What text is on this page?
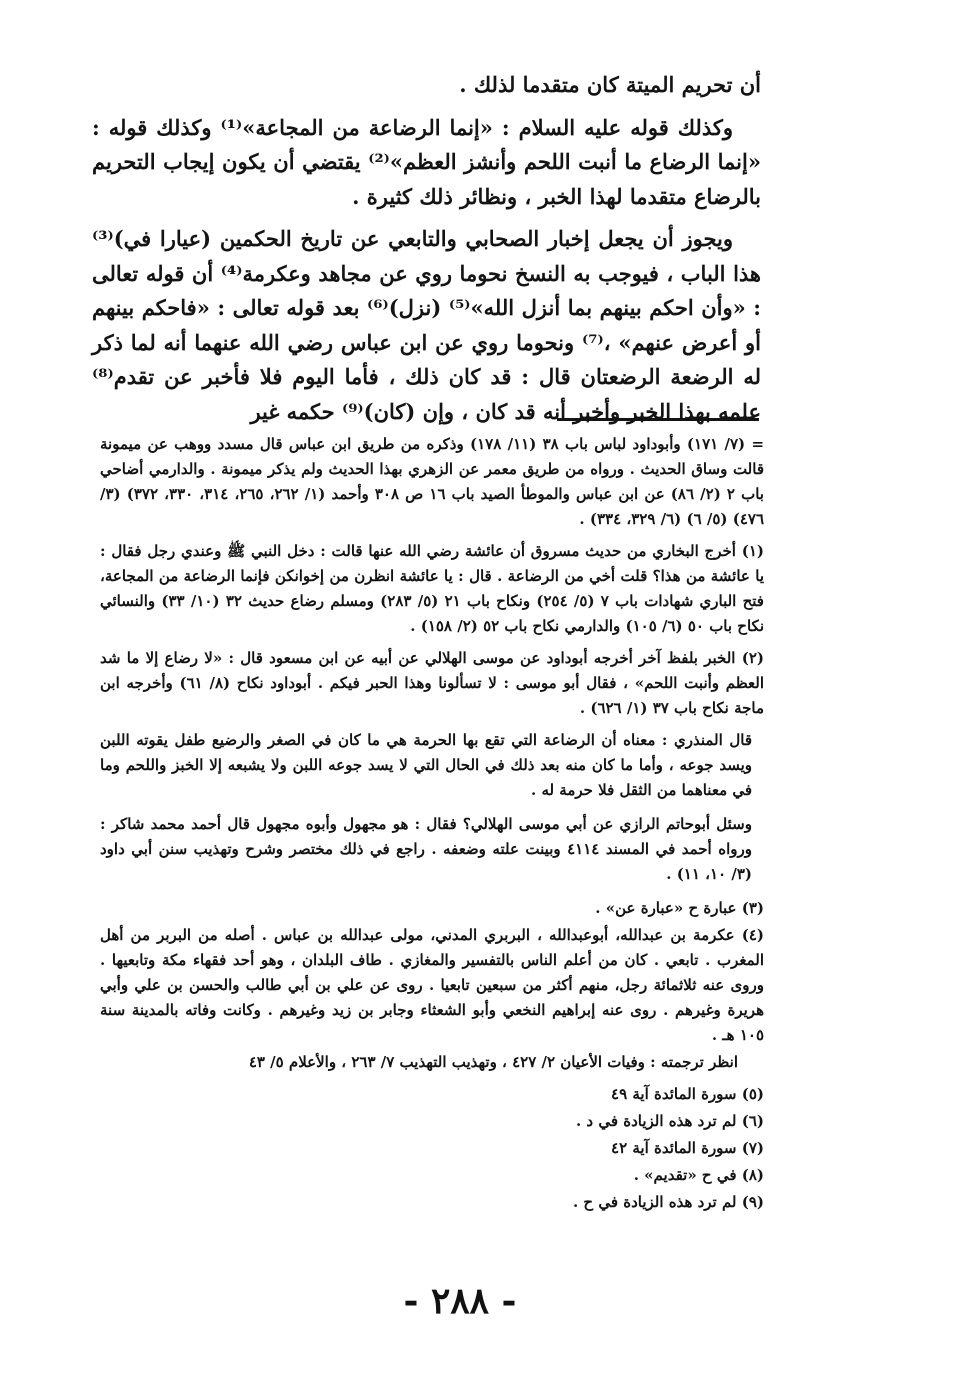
أن تحريم الميتة كان متقدما لذلك .

وكذلك قوله عليه السلام : «إنما الرضاعة من المجاعة»⁽¹⁾ وكذلك قوله : «إنما الرضاع ما أنبت اللحم وأنشز العظم»⁽²⁾ يقتضي أن يكون إيجاب التحريم بالرضاع متقدما لهذا الخبر ، ونظائر ذلك كثيرة .

ويجوز أن يجعل إخبار الصحابي والتابعي عن تاريخ الحكمين (عيارا في)⁽³⁾ هذا الباب ، فيوجب به النسخ نحوما روي عن مجاهد وعكرمة⁽⁴⁾ أن قوله تعالى : «وأن احكم بينهم بما أنزل الله»⁽⁵⁾ (نزل)⁽⁶⁾ بعد قوله تعالى : «فاحكم بينهم أو أعرض عنهم» ،⁽⁷⁾ ونحوما روي عن ابن عباس رضي الله عنهما أنه لما ذكر له الرضعة الرضعتان قال : قد كان ذلك ، فأما اليوم فلا فأخبر عن تقدم⁽⁸⁾ علمه بهذا الخبر وأخبر أنه قد كان ، وإن (كان)⁽⁹⁾ حكمه غير

= (٧/ ١٧١) وأبوداود لباس باب ٣٨ (١١/ ١٧٨) وذكره من طريق ابن عباس قال مسدد ووهب عن ميمونة قالت وساق الحديث . ورواه من طريق معمر عن الزهري بهذا الحديث ولم يذكر ميمونة . والدارمي أضاحي باب ٢ (٢/ ٨٦) عن ابن عباس والموطأ الصيد باب ١٦ ص ٣٠٨ وأحمد (١/ ٢٦٢، ٢٦٥، ٣١٤، ٣٣٠، ٣٧٢) (٣/ ٤٧٦) (٥/ ٦) (٦/ ٣٢٩، ٣٣٤) .
(١) أخرج البخاري من حديث مسروق أن عائشة رضي الله عنها قالت : دخل النبي ﷺ وعندي رجل فقال : يا عائشة من هذا؟ قلت أخي من الرضاعة . قال : يا عائشة انظرن من إخوانكن فإنما الرضاعة من المجاعة، فتح الباري شهادات باب ٧ (٥/ ٢٥٤) ونكاح باب ٢١ (٥/ ٢٨٣) ومسلم رضاع حديث ٣٢ (١٠/ ٣٣) والنسائي نكاح باب ٥٠ (٦/ ١٠٥) والدارمي نكاح باب ٥٢ (٢/ ١٥٨) .
(٢) الخبر بلفظ آخر أخرجه أبوداود عن موسى الهلالي عن أبيه عن ابن مسعود قال : «لا رضاع إلا ما شد العظم وأنبت اللحم» ، فقال أبو موسى : لا تسألونا وهذا الحبر فيكم . أبوداود نكاح (٨/ ٦١) وأخرجه ابن ماجة نكاح باب ٣٧ (١/ ٦٢٦) .
قال المنذري : معناه أن الرضاعة التي تقع بها الحرمة هي ما كان في الصغر والرضيع طفل يقوته اللبن ويسد جوعه ، وأما ما كان منه بعد ذلك في الحال التي لا يسد جوعه اللبن ولا يشبعه إلا الخبز واللحم وما في معناهما من الثقل فلا حرمة له .
وسئل أبوحاتم الرازي عن أبي موسى الهلالي؟ فقال : هو مجهول وأبوه مجهول قال أحمد محمد شاكر : ورواه أحمد في المسند ٤١١٤ وبينت علته وضعفه . راجع في ذلك مختصر وشرح وتهذيب سنن أبي داود (٣/ ١٠، ١١) .
(٣) عبارة ح «عبارة عن» .
(٤) عكرمة بن عبدالله، أبوعبدالله ، البربري المدني، مولى عبدالله بن عباس . أصله من البربر من أهل المغرب . تابعي . كان من أعلم الناس بالتفسير والمغازي . طاف البلدان ، وهو أحد فقهاء مكة وتابعيها . وروى عنه ثلاثمائة رجل، منهم أكثر من سبعين تابعيا . روى عن علي بن أبي طالب والحسن بن علي وأبي هريرة وغيرهم . روى عنه إبراهيم النخعي وأبو الشعثاء وجابر بن زيد وغيرهم . وكانت وفاته بالمدينة سنة ١٠٥ هـ .
انظر ترجمته : وفيات الأعيان ٢/ ٤٢٧ ، وتهذيب التهذيب ٧/ ٢٦٣ ، والأعلام ٥/ ٤٣
(٥) سورة المائدة آية ٤٩
(٦) لم ترد هذه الزيادة في د .
(٧) سورة المائدة آية ٤٢
(٨) في ح «تقديم» .
(٩) لم ترد هذه الزيادة في ح .
- ٢٨٨ -
